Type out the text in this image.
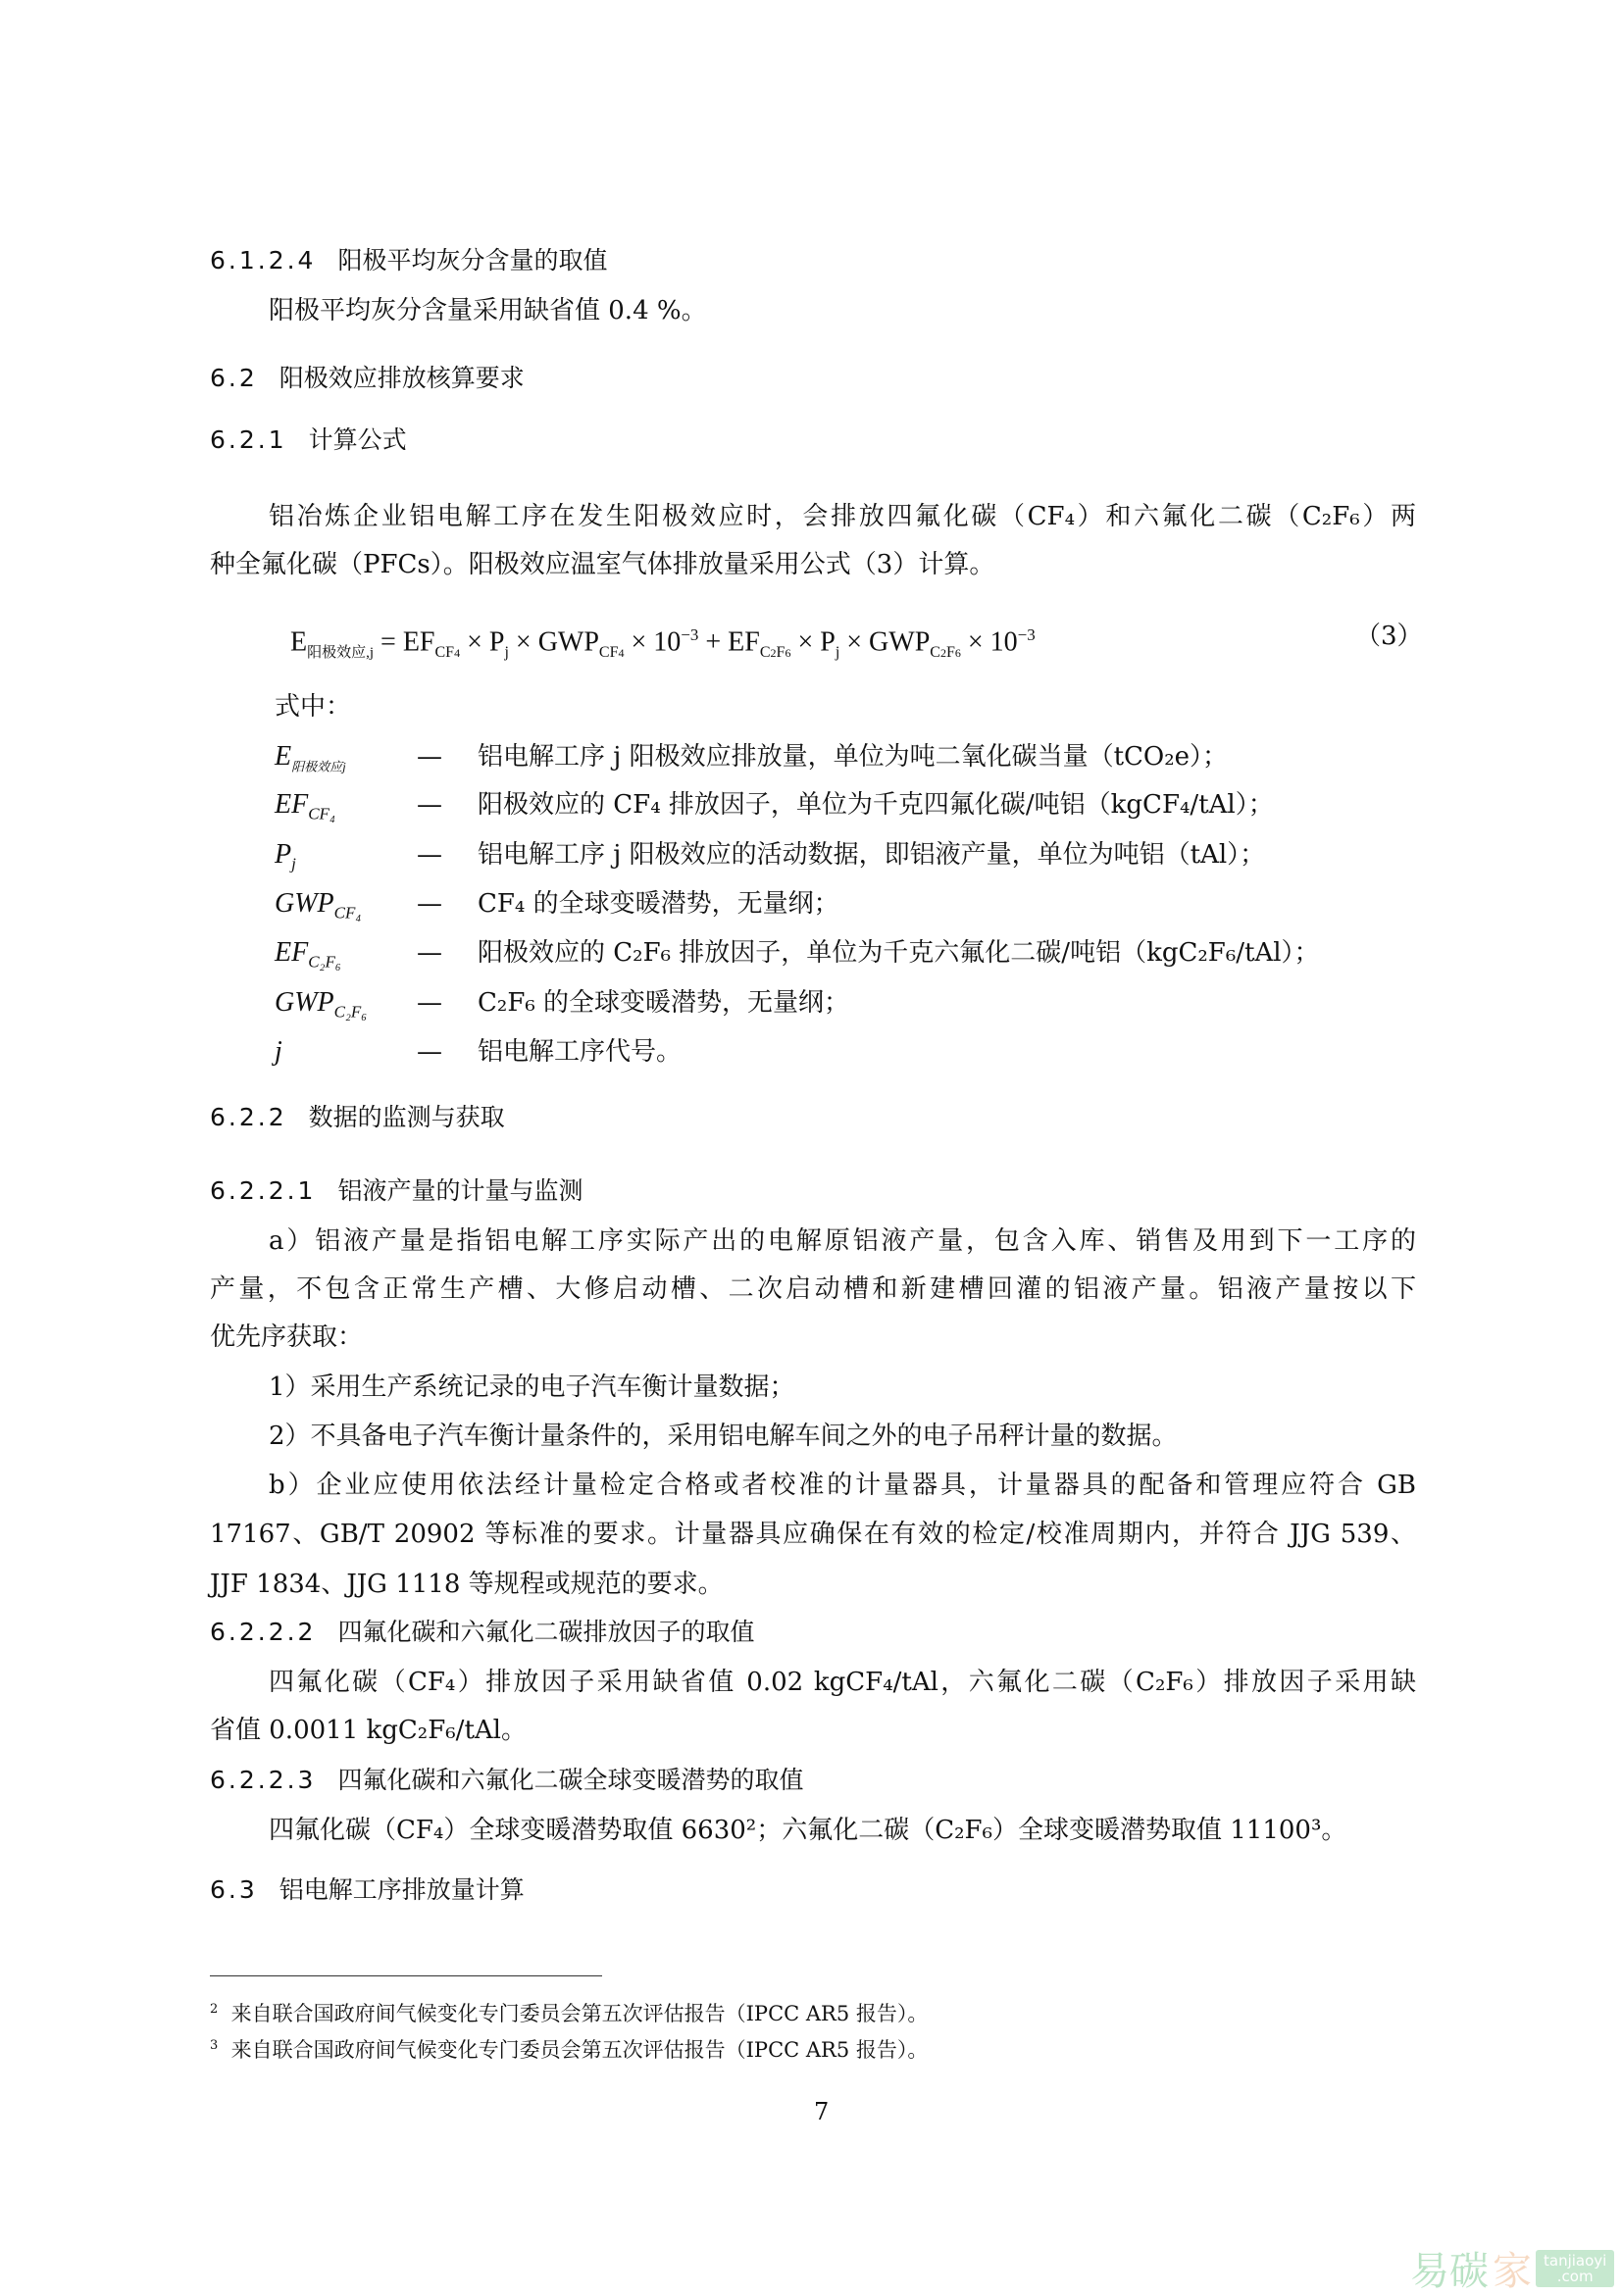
6.1.2.4 阳极平均灰分含量的取值
阳极平均灰分含量采用缺省值 0.4 %。
6.2 阳极效应排放核算要求
6.2.1 计算公式
铝冶炼企业铝电解工序在发生阳极效应时，会排放四氟化碳（CF₄）和六氟化二碳（C₂F₆）两
种全氟化碳（PFCs）。阳极效应温室气体排放量采用公式（3）计算。
$E_{阳极效应,j} = EF_{CF4} \times P_j \times GWP_{CF4} \times 10^{-3} + EF_{C2F6} \times P_j \times GWP_{C2F6} \times 10^{-3}$	（3）
式中：
$E_{阳极效应j}$	— 铝电解工序 j 阳极效应排放量，单位为吨二氧化碳当量（tCO₂e）；
$EF_{CF_4}$	— 阳极效应的 CF₄ 排放因子，单位为千克四氟化碳/吨铝（kgCF₄/tAl）；
$P_j$	— 铝电解工序 j 阳极效应的活动数据，即铝液产量，单位为吨铝（tAl）；
$GWP_{CF_4}$ — CF₄ 的全球变暖潜势，无量纲；
$EF_{C_2F_6}$	— 阳极效应的 C₂F₆ 排放因子，单位为千克六氟化二碳/吨铝（kgC₂F₆/tAl）；
$GWP_{C_2F_6}$ — C₂F₆ 的全球变暖潜势，无量纲；
j	— 铝电解工序代号。
6.2.2 数据的监测与获取
6.2.2.1 铝液产量的计量与监测
a）铝液产量是指铝电解工序实际产出的电解原铝液产量，包含入库、销售及用到下一工序的
产量，不包含正常生产槽、大修启动槽、二次启动槽和新建槽回灌的铝液产量。铝液产量按以下
优先序获取：
1）采用生产系统记录的电子汽车衡计量数据；
2）不具备电子汽车衡计量条件的，采用铝电解车间之外的电子吊秤计量的数据。
b）企业应使用依法经计量检定合格或者校准的计量器具，计量器具的配备和管理应符合 GB
17167、GB/T 20902 等标准的要求。计量器具应确保在有效的检定/校准周期内，并符合 JJG 539、
JJF 1834、JJG 1118 等规程或规范的要求。
6.2.2.2 四氟化碳和六氟化二碳排放因子的取值
四氟化碳（CF₄）排放因子采用缺省值 0.02 kgCF₄/tAl，六氟化二碳（C₂F₆）排放因子采用缺
省值 0.0011 kgC₂F₆/tAl。
6.2.2.3 四氟化碳和六氟化二碳全球变暖潜势的取值
四氟化碳（CF₄）全球变暖潜势取值 6630²；六氟化二碳（C₂F₆）全球变暖潜势取值 11100³。
6.3 铝电解工序排放量计算
$^2$ 来自联合国政府间气候变化专门委员会第五次评估报告（IPCC AR5 报告）。
$^3$ 来自联合国政府间气候变化专门委员会第五次评估报告（IPCC AR5 报告）。
7
易碳 家 tanjiaoyi
.com
